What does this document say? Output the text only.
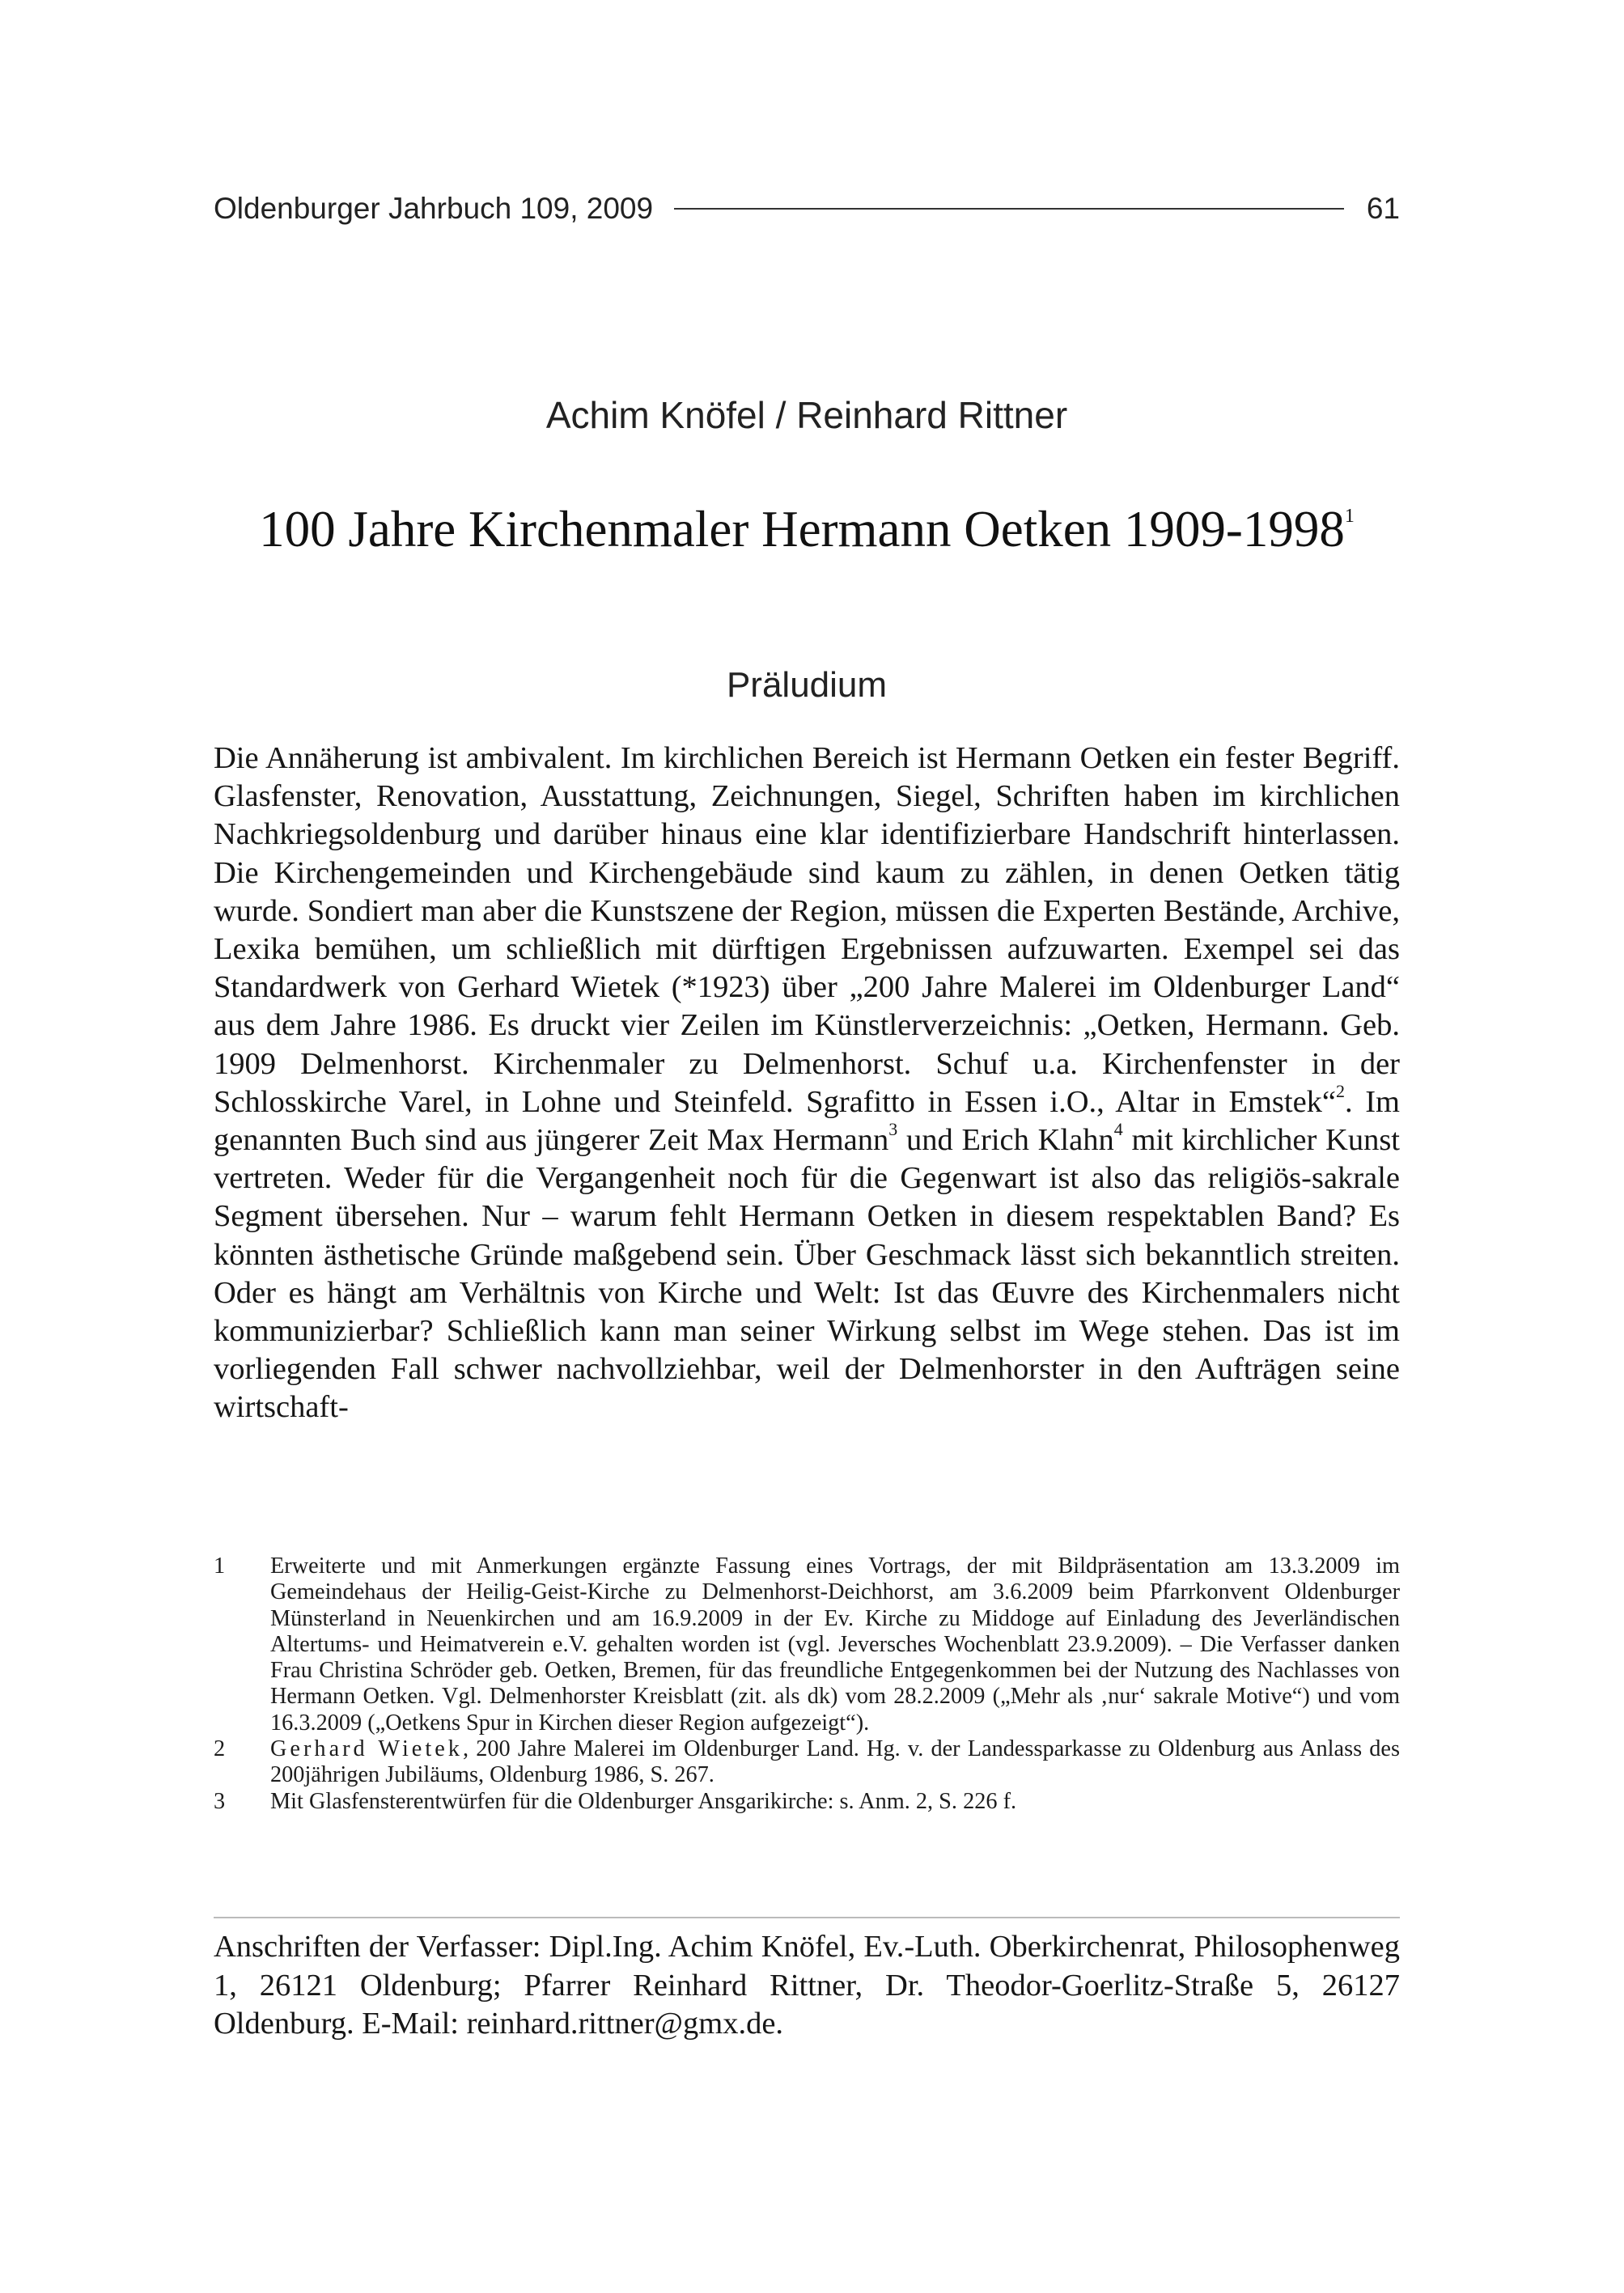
Oldenburger Jahrbuch 109, 2009	61
Achim Knöfel / Reinhard Rittner
100 Jahre Kirchenmaler Hermann Oetken 1909-1998$^1$
Präludium

Die Annäherung ist ambivalent. Im kirchlichen Bereich ist Hermann Oetken ein fester Begriff. Glasfenster, Renovation, Ausstattung, Zeichnungen, Siegel, Schriften haben im kirchlichen Nachkriegsoldenburg und darüber hinaus eine klar identifizierbare Handschrift hinterlassen. Die Kirchengemeinden und Kirchengebäude sind kaum zu zählen, in denen Oetken tätig wurde. Sondiert man aber die Kunstszene der Region, müssen die Experten Bestände, Archive, Lexika bemühen, um schließlich mit dürftigen Ergebnissen aufzuwarten. Exempel sei das Standardwerk von Gerhard Wietek (*1923) über „200 Jahre Malerei im Oldenburger Land“ aus dem Jahre 1986. Es druckt vier Zeilen im Künstlerverzeichnis: „Oetken, Hermann. Geb. 1909 Delmenhorst. Kirchenmaler zu Delmenhorst. Schuf u.a. Kirchenfenster in der Schlosskirche Varel, in Lohne und Steinfeld. Sgrafitto in Essen i.O., Altar in Emstek“$^2$. Im genannten Buch sind aus jüngerer Zeit Max Hermann$^3$ und Erich Klahn$^4$ mit kirchlicher Kunst vertreten. Weder für die Vergangenheit noch für die Gegenwart ist also das religiös-sakrale Segment übersehen. Nur – warum fehlt Hermann Oetken in diesem respektablen Band? Es könnten ästhetische Gründe maßgebend sein. Über Geschmack lässt sich bekanntlich streiten. Oder es hängt am Verhältnis von Kirche und Welt: Ist das Œuvre des Kirchenmalers nicht kommunizierbar? Schließlich kann man seiner Wirkung selbst im Wege stehen. Das ist im vorliegenden Fall schwer nachvollziehbar, weil der Delmenhorster in den Aufträgen seine wirtschaft-

1	Erweiterte und mit Anmerkungen ergänzte Fassung eines Vortrags, der mit Bildpräsentation am 13.3.2009 im Gemeindehaus der Heilig-Geist-Kirche zu Delmenhorst-Deichhorst, am 3.6.2009 beim Pfarrkonvent Oldenburger Münsterland in Neuenkirchen und am 16.9.2009 in der Ev. Kirche zu Middoge auf Einladung des Jeverländischen Altertums- und Heimatverein e.V. gehalten worden ist (vgl. Jeversches Wochenblatt 23.9.2009). – Die Verfasser danken Frau Christina Schröder geb. Oetken, Bremen, für das freundliche Entgegenkommen bei der Nutzung des Nachlasses von Hermann Oetken. Vgl. Delmenhorster Kreisblatt (zit. als dk) vom 28.2.2009 („Mehr als ‚nur‘ sakrale Motive“) und vom 16.3.2009 („Oetkens Spur in Kirchen dieser Region aufgezeigt“).
2	Gerhard Wietek, 200 Jahre Malerei im Oldenburger Land. Hg. v. der Landessparkasse zu Oldenburg aus Anlass des 200jährigen Jubiläums, Oldenburg 1986, S. 267.
3	Mit Glasfensterentwürfen für die Oldenburger Ansgarikirche: s. Anm. 2, S. 226 f.

Anschriften der Verfasser: Dipl.Ing. Achim Knöfel, Ev.-Luth. Oberkirchenrat, Philosophenweg 1, 26121 Oldenburg; Pfarrer Reinhard Rittner, Dr. Theodor-Goerlitz-Straße 5, 26127 Oldenburg. E-Mail: reinhard.rittner@gmx.de.
